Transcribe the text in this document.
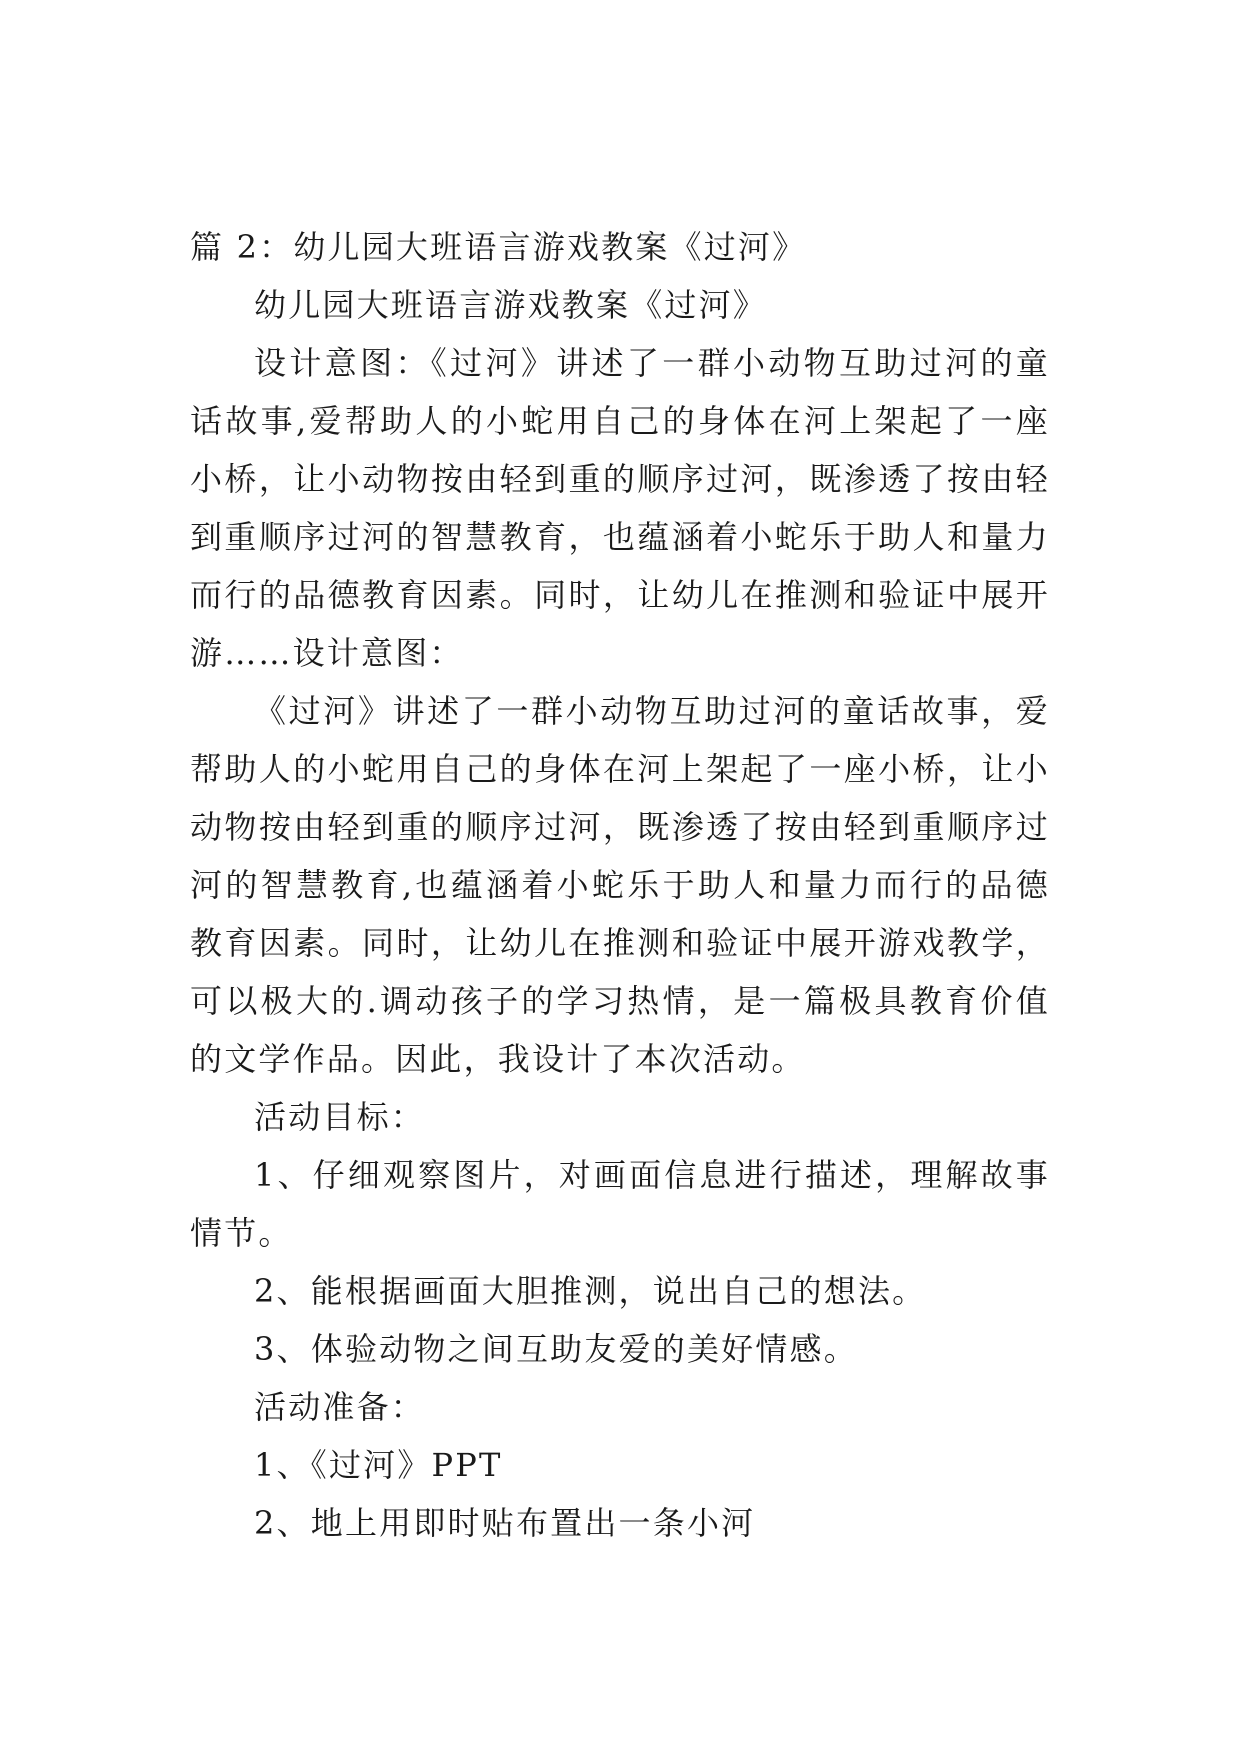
篇 2：幼儿园大班语言游戏教案《过河》

幼儿园大班语言游戏教案《过河》

设计意图：《过河》讲述了一群小动物互助过河的童话故事,爱帮助人的小蛇用自己的身体在河上架起了一座小桥，让小动物按由轻到重的顺序过河，既渗透了按由轻到重顺序过河的智慧教育，也蕴涵着小蛇乐于助人和量力而行的品德教育因素。同时，让幼儿在推测和验证中展开游……设计意图：

《过河》讲述了一群小动物互助过河的童话故事，爱帮助人的小蛇用自己的身体在河上架起了一座小桥，让小动物按由轻到重的顺序过河，既渗透了按由轻到重顺序过河的智慧教育,也蕴涵着小蛇乐于助人和量力而行的品德教育因素。同时，让幼儿在推测和验证中展开游戏教学，可以极大的.调动孩子的学习热情，是一篇极具教育价值的文学作品。因此，我设计了本次活动。

活动目标：

1、仔细观察图片，对画面信息进行描述，理解故事情节。

2、能根据画面大胆推测，说出自己的想法。

3、体验动物之间互助友爱的美好情感。

活动准备：

1、《过河》PPT

2、地上用即时贴布置出一条小河
